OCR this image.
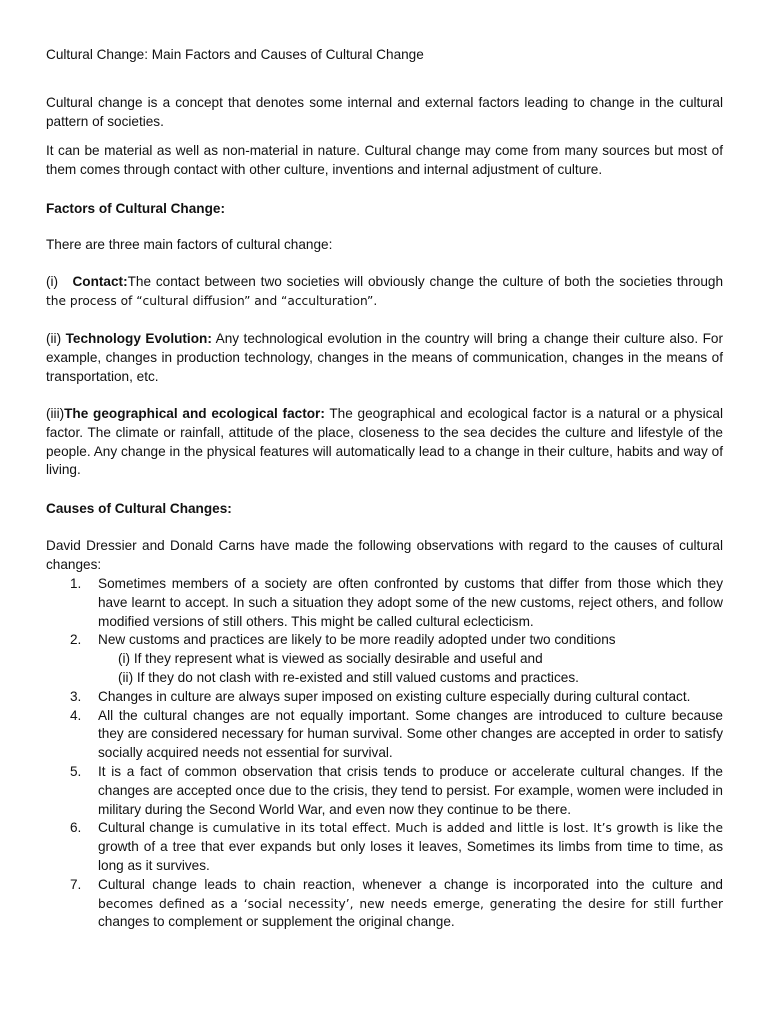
Cultural Change: Main Factors and Causes of Cultural Change

Cultural change is a concept that denotes some internal and external factors leading to change in the cultural pattern of societies.

It can be material as well as non-material in nature. Cultural change may come from many sources but most of them comes through contact with other culture, inventions and internal adjustment of culture.

Factors of Cultural Change:

There are three main factors of cultural change:

(i) Contact:The contact between two societies will obviously change the culture of both the societies through the process of “cultural diffusion” and “acculturation”.

(ii) Technology Evolution: Any technological evolution in the country will bring a change their culture also. For example, changes in production technology, changes in the means of communication, changes in the means of transportation, etc.

(iii)The geographical and ecological factor: The geographical and ecological factor is a natural or a physical factor. The climate or rainfall, attitude of the place, closeness to the sea decides the culture and lifestyle of the people. Any change in the physical features will automatically lead to a change in their culture, habits and way of living.

Causes of Cultural Changes:

David Dressier and Donald Carns have made the following observations with regard to the causes of cultural changes:

1. Sometimes members of a society are often confronted by customs that differ from those which they have learnt to accept. In such a situation they adopt some of the new customs, reject others, and follow modified versions of still others. This might be called cultural eclecticism.
2. New customs and practices are likely to be more readily adopted under two conditions
(i) If they represent what is viewed as socially desirable and useful and
(ii) If they do not clash with re-existed and still valued customs and practices.
3. Changes in culture are always super imposed on existing culture especially during cultural contact.
4. All the cultural changes are not equally important. Some changes are introduced to culture because they are considered necessary for human survival. Some other changes are accepted in order to satisfy socially acquired needs not essential for survival.
5. It is a fact of common observation that crisis tends to produce or accelerate cultural changes. If the changes are accepted once due to the crisis, they tend to persist. For example, women were included in military during the Second World War, and even now they continue to be there.
6. Cultural change is cumulative in its total effect. Much is added and little is lost. It’s growth is like the growth of a tree that ever expands but only loses it leaves, Sometimes its limbs from time to time, as long as it survives.
7. Cultural change leads to chain reaction, whenever a change is incorporated into the culture and becomes defined as a ‘social necessity’, new needs emerge, generating the desire for still further changes to complement or supplement the original change.
